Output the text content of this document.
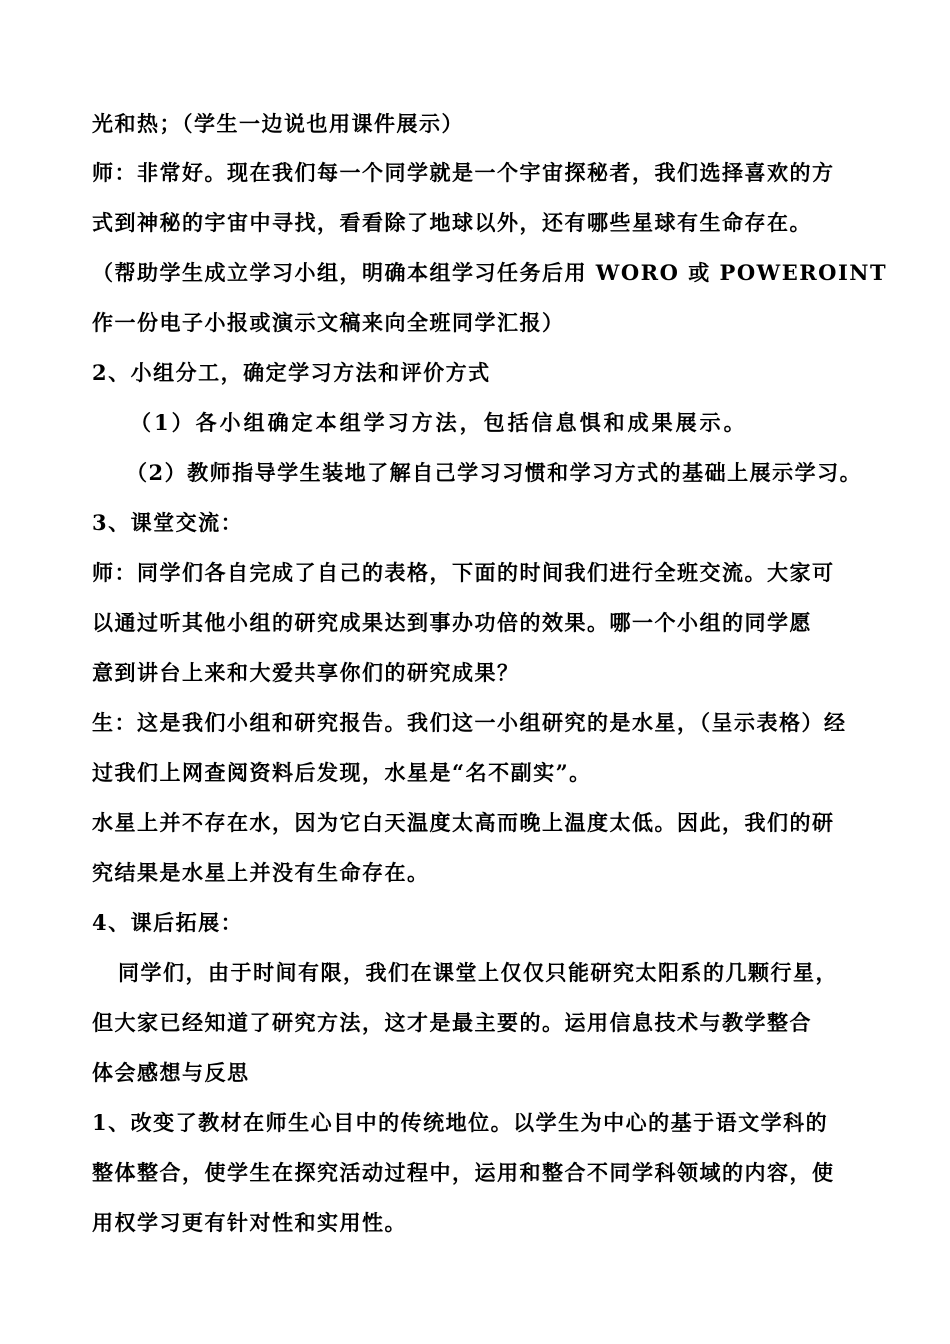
光和热；（学生一边说也用课件展示）
师：非常好。现在我们每一个同学就是一个宇宙探秘者，我们选择喜欢的方
式到神秘的宇宙中寻找，看看除了地球以外，还有哪些星球有生命存在。
（帮助学生成立学习小组，明确本组学习任务后用 WORO 或 POWEROINT
作一份电子小报或演示文稿来向全班同学汇报）
2、小组分工，确定学习方法和评价方式
（1）各小组确定本组学习方法，包括信息惧和成果展示。
（2）教师指导学生装地了解自己学习习惯和学习方式的基础上展示学习。
3、课堂交流：
师：同学们各自完成了自己的表格，下面的时间我们进行全班交流。大家可
以通过听其他小组的研究成果达到事办功倍的效果。哪一个小组的同学愿
意到讲台上来和大爱共享你们的研究成果？
生：这是我们小组和研究报告。我们这一小组研究的是水星，（呈示表格）经
过我们上网查阅资料后发现，水星是“名不副实”。
水星上并不存在水，因为它白天温度太高而晚上温度太低。因此，我们的研
究结果是水星上并没有生命存在。
4、课后拓展：
同学们，由于时间有限，我们在课堂上仅仅只能研究太阳系的几颗行星，
但大家已经知道了研究方法，这才是最主要的。运用信息技术与教学整合
体会感想与反思
1、改变了教材在师生心目中的传统地位。以学生为中心的基于语文学科的
整体整合，使学生在探究活动过程中，运用和整合不同学科领域的内容，使
用权学习更有针对性和实用性。
